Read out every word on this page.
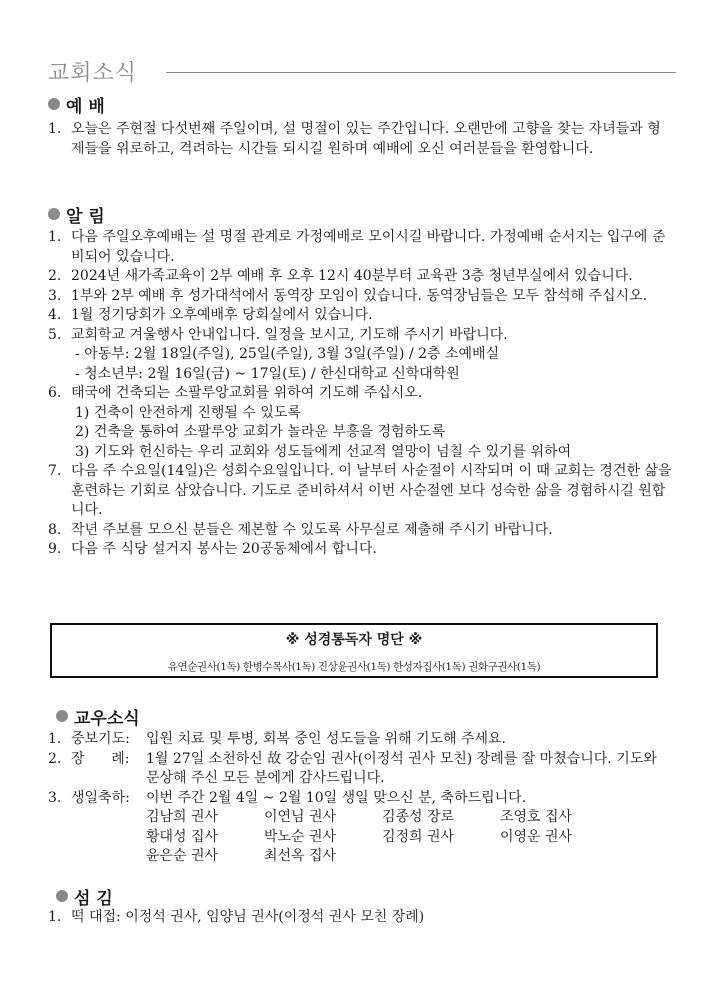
교회소식
예 배
1. 오늘은 주현절 다섯번째 주일이며, 설 명절이 있는 주간입니다. 오랜만에 고향을 찾는 자녀들과 형제들을 위로하고, 격려하는 시간들 되시길 원하며 예배에 오신 여러분들을 환영합니다.
알 림
1. 다음 주일오후예배는 설 명절 관계로 가정예배로 모이시길 바랍니다. 가정예배 순서지는 입구에 준비되어 있습니다.
2. 2024년 새가족교육이 2부 예배 후 오후 12시 40분부터 교육관 3층 청년부실에서 있습니다.
3. 1부와 2부 예배 후 성가대석에서 동역장 모임이 있습니다. 동역장님들은 모두 참석해 주십시오.
4. 1월 정기당회가 오후예배후 당회실에서 있습니다.
5. 교회학교 겨울행사 안내입니다. 일정을 보시고, 기도해 주시기 바랍니다.
- 아동부: 2월 18일(주일), 25일(주일), 3월 3일(주일) / 2층 소예배실
- 청소년부: 2월 16일(금) ~ 17일(토) / 한신대학교 신학대학원
6. 태국에 건축되는 소팔루앙교회를 위하여 기도해 주십시오.
1) 건축이 안전하게 진행될 수 있도록
2) 건축을 통하여 소팔루앙 교회가 놀라운 부흥을 경험하도록
3) 기도와 헌신하는 우리 교회와 성도들에게 선교적 열망이 넘칠 수 있기를 위하여
7. 다음 주 수요일(14일)은 성회수요일입니다. 이 날부터 사순절이 시작되며 이 때 교회는 경건한 삶을 훈련하는 기회로 삼았습니다. 기도로 준비하셔서 이번 사순절엔 보다 성숙한 삶을 경험하시길 원합니다.
8. 작년 주보를 모으신 분들은 제본할 수 있도록 사무실로 제출해 주시기 바랍니다.
9. 다음 주 식당 설거지 봉사는 20공동체에서 합니다.
※ 성경통독자 명단 ※
유연순권사(1독) 한병수목사(1독) 진상윤권사(1독) 한성자집사(1독) 권화구권사(1독)
교우소식
1. 중보기도: 입원 치료 및 투병, 회복 중인 성도들을 위해 기도해 주세요.
2. 장      례: 1월 27일 소천하신 故 강순임 권사(이정석 권사 모친) 장례를 잘 마쳤습니다. 기도와 문상해 주신 모든 분에게 감사드립니다.
3. 생일축하: 이번 주간 2월 4일 ~ 2월 10일 생일 맞으신 분, 축하드립니다.
김남희 권사	이연님 권사	김종성 장로	조영호 집사
황대성 집사	박노순 권사	김정희 권사	이영운 권사
윤은순 권사	최선옥 집사
섬 김
1. 떡 대접: 이정석 권사, 임양님 권사(이정석 권사 모친 장례)
